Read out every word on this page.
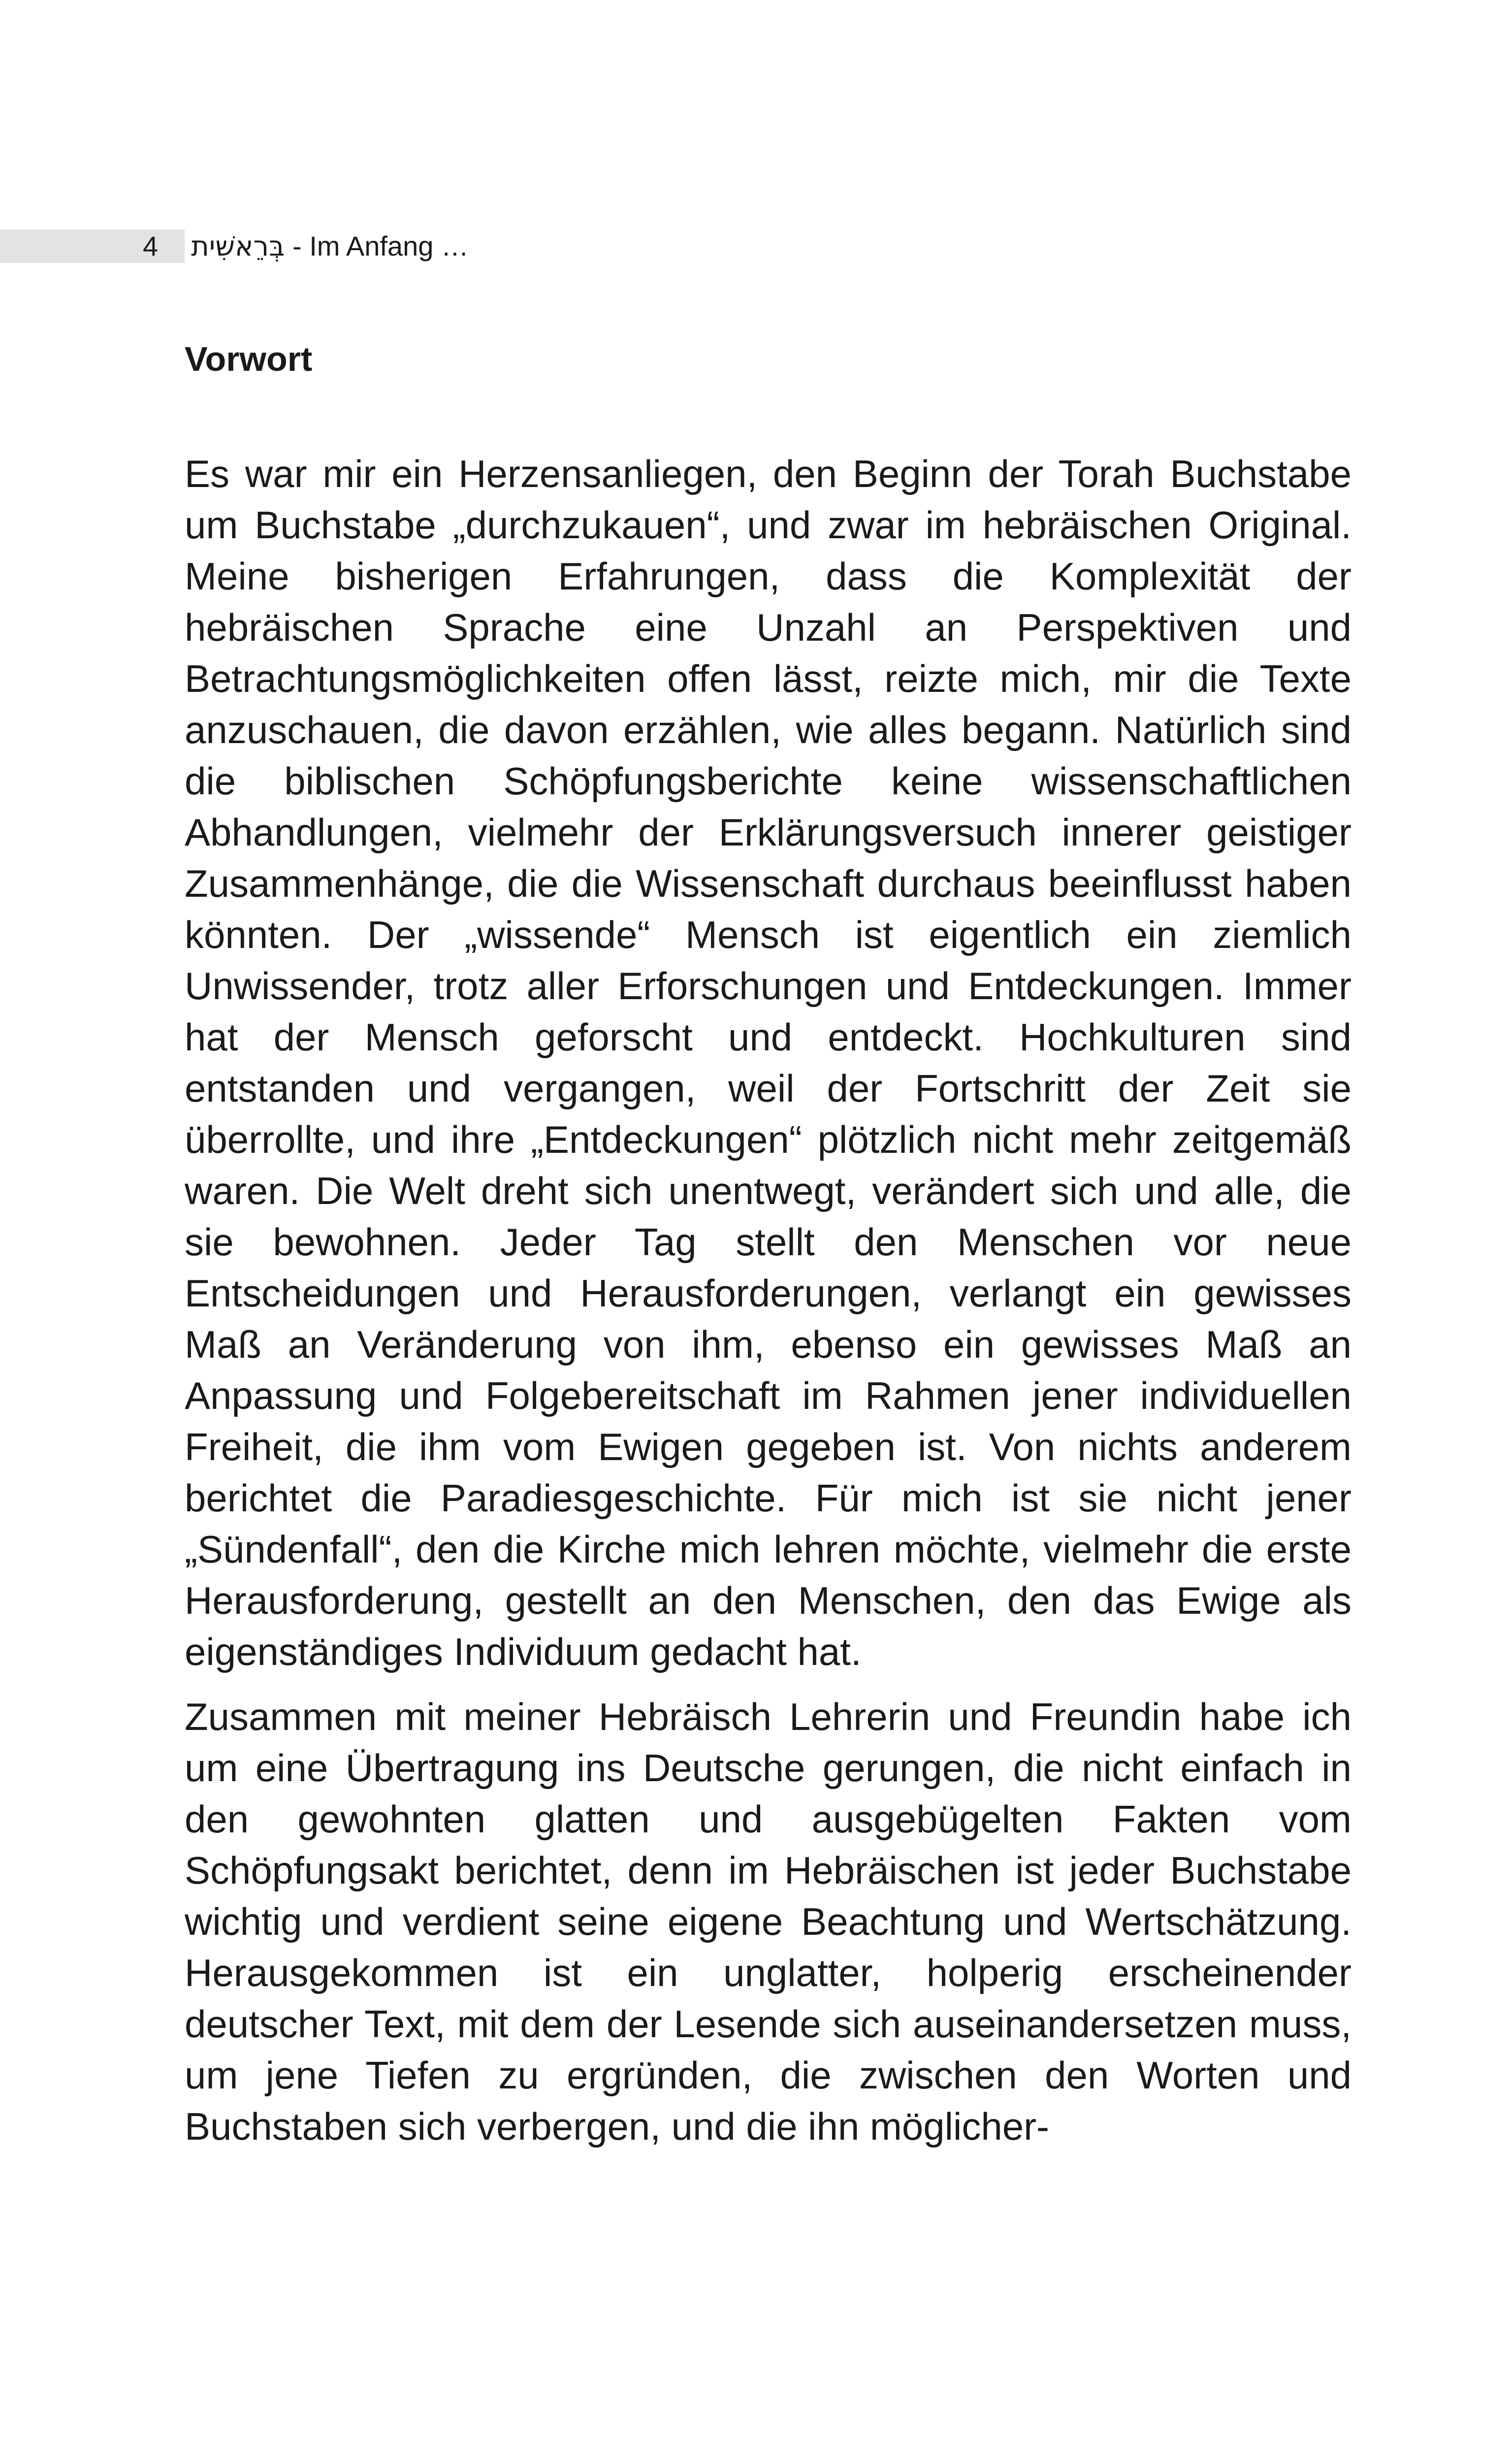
4 בְּרֵאשִׁית - Im Anfang …
Vorwort

Es war mir ein Herzensanliegen, den Beginn der Torah Buchstabe um Buchstabe „durchzukauen“, und zwar im hebräischen Original. Meine bisherigen Erfahrungen, dass die Komplexität der hebräischen Sprache eine Unzahl an Perspektiven und Betrachtungsmöglichkeiten offen lässt, reizte mich, mir die Texte anzuschauen, die davon erzählen, wie alles begann. Natürlich sind die biblischen Schöpfungsberichte keine wissenschaftlichen Abhandlungen, vielmehr der Erklärungsversuch innerer geistiger Zusammenhänge, die die Wissenschaft durchaus beeinflusst haben könnten. Der „wissende“ Mensch ist eigentlich ein ziemlich Unwissender, trotz aller Erforschungen und Entdeckungen. Immer hat der Mensch geforscht und entdeckt. Hochkulturen sind entstanden und vergangen, weil der Fortschritt der Zeit sie überrollte, und ihre „Entdeckungen“ plötzlich nicht mehr zeitgemäß waren. Die Welt dreht sich unentwegt, verändert sich und alle, die sie bewohnen. Jeder Tag stellt den Menschen vor neue Entscheidungen und Herausforderungen, verlangt ein gewisses Maß an Veränderung von ihm, ebenso ein gewisses Maß an Anpassung und Folgebereitschaft im Rahmen jener individuellen Freiheit, die ihm vom Ewigen gegeben ist. Von nichts anderem berichtet die Paradiesgeschichte. Für mich ist sie nicht jener „Sündenfall“, den die Kirche mich lehren möchte, vielmehr die erste Herausforderung, gestellt an den Menschen, den das Ewige als eigenständiges Individuum gedacht hat.

Zusammen mit meiner Hebräisch Lehrerin und Freundin habe ich um eine Übertragung ins Deutsche gerungen, die nicht einfach in den gewohnten glatten und ausgebügelten Fakten vom Schöpfungsakt berichtet, denn im Hebräischen ist jeder Buchstabe wichtig und verdient seine eigene Beachtung und Wertschätzung. Herausgekommen ist ein unglatter, holperig erscheinender deutscher Text, mit dem der Lesende sich auseinandersetzen muss, um jene Tiefen zu ergründen, die zwischen den Worten und Buchstaben sich verbergen, und die ihn möglicher-
